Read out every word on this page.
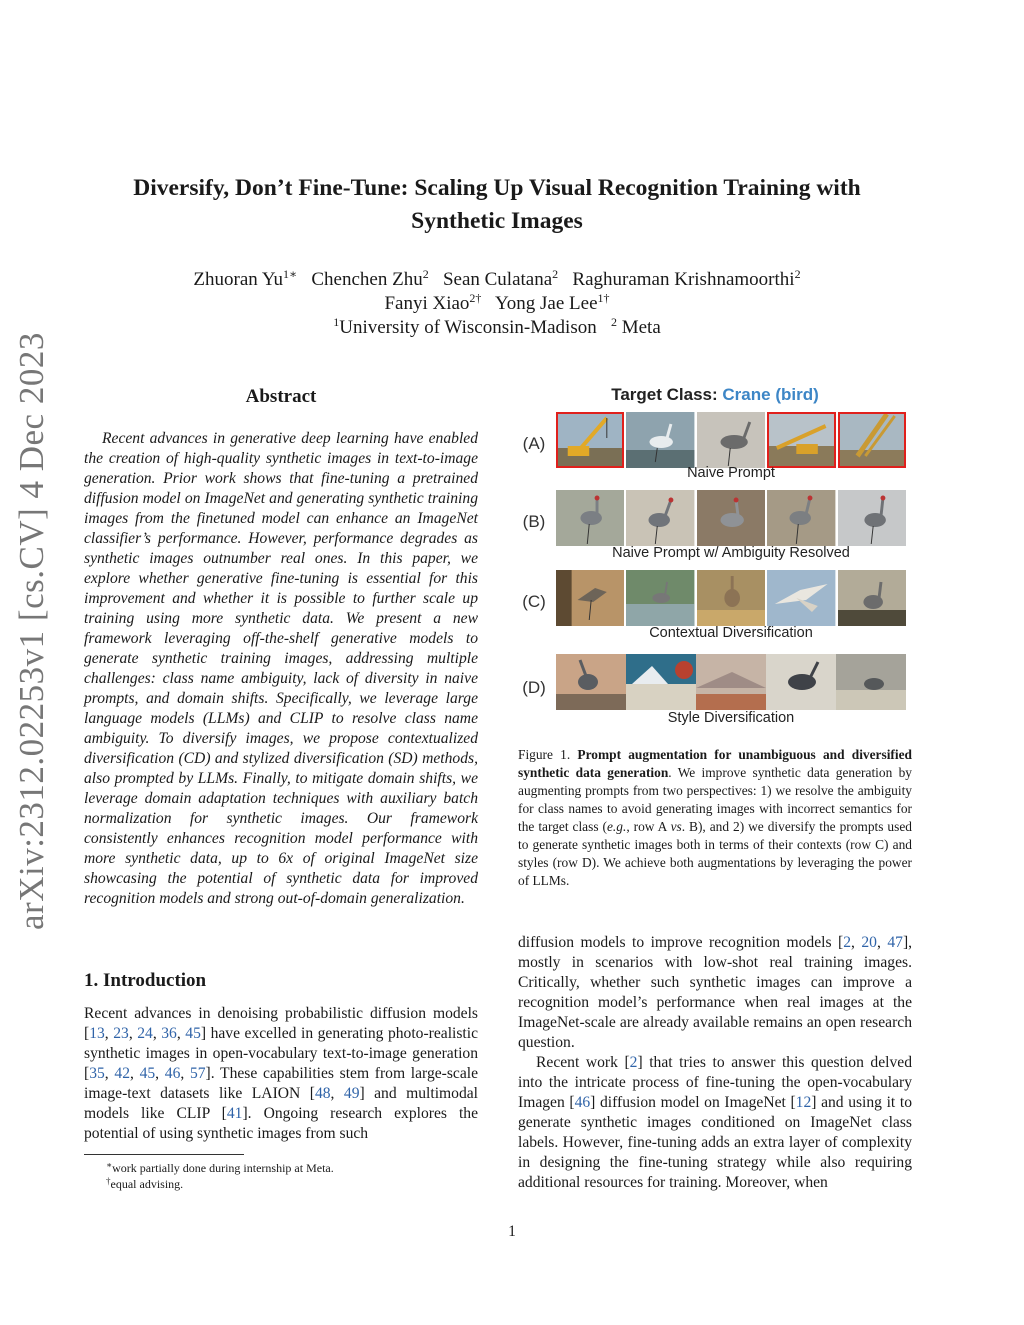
arXiv:2312.02253v1 [cs.CV] 4 Dec 2023
Diversify, Don’t Fine-Tune: Scaling Up Visual Recognition Training with
Synthetic Images
Zhuoran $Yu^{1∗}$ Chenchen Zhu$^2$ Sean Culatana$^2$ Raghuraman Krishnamoorthi$^2$
Fanyi Xiao$^{2\dagger}$ Yong Jae Lee$^{1\dagger}$
$^1$University of Wisconsin-Madison $^2$ Meta
Abstract
Recent advances in generative deep learning have enabled the creation of high-quality synthetic images in text-to-image generation. Prior work shows that fine-tuning a pretrained diffusion model on ImageNet and generating synthetic training images from the finetuned model can enhance an ImageNet classifier’s performance. However, performance degrades as synthetic images outnumber real ones. In this paper, we explore whether generative fine-tuning is essential for this improvement and whether it is possible to further scale up training using more synthetic data. We present a new framework leveraging off-the-shelf generative models to generate synthetic training images, addressing multiple challenges: class name ambiguity, lack of diversity in naive prompts, and domain shifts. Specifically, we leverage large language models (LLMs) and CLIP to resolve class name ambiguity. To diversify images, we propose contextualized diversification (CD) and stylized diversification (SD) methods, also prompted by LLMs. Finally, to mitigate domain shifts, we leverage domain adaptation techniques with auxiliary batch normalization for synthetic images. Our framework consistently enhances recognition model performance with more synthetic data, up to 6x of original ImageNet size showcasing the potential of synthetic data for improved recognition models and strong out-of-domain generalization.
1. Introduction

Recent advances in denoising probabilistic diffusion models [13, 23, 24, 36, 45] have excelled in generating photo-realistic synthetic images in open-vocabulary text-to-image generation [35, 42, 45, 46, 57]. These capabilities stem from large-scale image-text datasets like LAION [48, 49] and multimodal models like CLIP [41]. Ongoing research explores the potential of using synthetic images from such

∗work partially done during internship at Meta.
†equal advising.
Target Class: Crane (bird)
(A)
Naive Prompt
(B)
Naive Prompt w/ Ambiguity Resolved
(C)
Contextual Diversification
(D)
Style Diversification
Figure 1. Prompt augmentation for unambiguous and diversified synthetic data generation. We improve synthetic data generation by augmenting prompts from two perspectives: 1) we resolve the ambiguity for class names to avoid generating images with incorrect semantics for the target class (e.g., row A vs. B), and 2) we diversify the prompts used to generate synthetic images both in terms of their contexts (row C) and styles (row D). We achieve both augmentations by leveraging the power of LLMs.

diffusion models to improve recognition models [2, 20, 47], mostly in scenarios with low-shot real training images. Critically, whether such synthetic images can improve a recognition model’s performance when real images at the ImageNet-scale are already available remains an open research question.

Recent work [2] that tries to answer this question delved into the intricate process of fine-tuning the open-vocabulary Imagen [46] diffusion model on ImageNet [12] and using it to generate synthetic images conditioned on ImageNet class labels. However, fine-tuning adds an extra layer of complexity in designing the fine-tuning strategy while also requiring additional resources for training. Moreover, when

1
